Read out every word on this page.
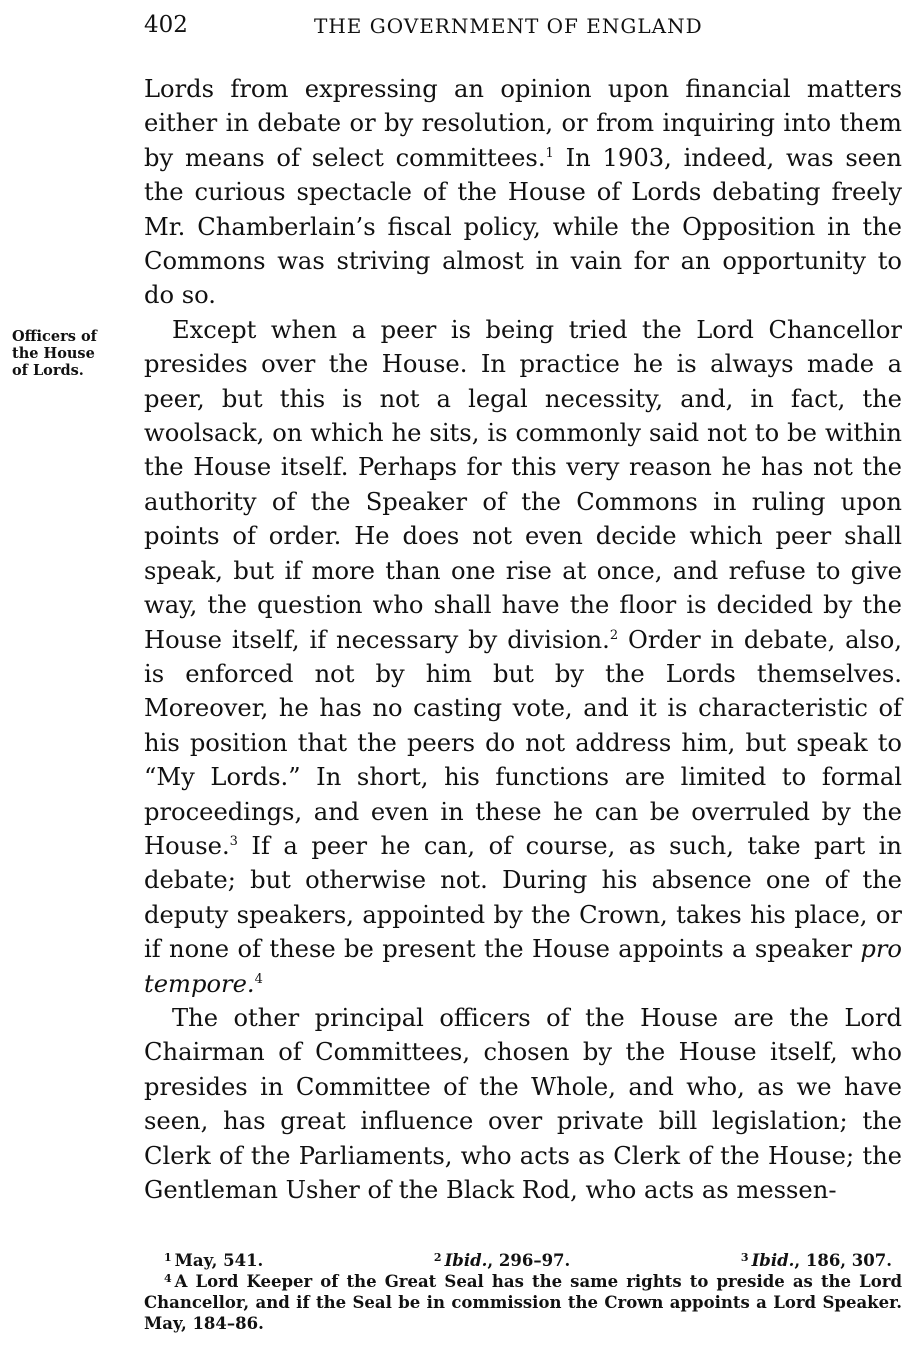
402	THE GOVERNMENT OF ENGLAND
Officers of
the House
of Lords.

Lords from expressing an opinion upon financial matters either in debate or by resolution, or from inquiring into them by means of select committees.$^1$ In 1903, indeed, was seen the curious spectacle of the House of Lords debating freely Mr. Chamberlain’s fiscal policy, while the Opposition in the Commons was striving almost in vain for an opportunity to do so.

Except when a peer is being tried the Lord Chancellor presides over the House. In practice he is always made a peer, but this is not a legal necessity, and, in fact, the woolsack, on which he sits, is commonly said not to be within the House itself. Perhaps for this very reason he has not the authority of the Speaker of the Commons in ruling upon points of order. He does not even decide which peer shall speak, but if more than one rise at once, and refuse to give way, the question who shall have the floor is decided by the House itself, if necessary by division.$^2$ Order in debate, also, is enforced not by him but by the Lords themselves. Moreover, he has no casting vote, and it is characteristic of his position that the peers do not address him, but speak to “My Lords.” In short, his functions are limited to formal proceedings, and even in these he can be overruled by the House.$^3$ If a peer he can, of course, as such, take part in debate; but otherwise not. During his absence one of the deputy speakers, appointed by the Crown, takes his place, or if none of these be present the House appoints a speaker pro tempore.$^4$

The other principal officers of the House are the Lord Chairman of Committees, chosen by the House itself, who presides in Committee of the Whole, and who, as we have seen, has great influence over private bill legislation; the Clerk of the Parliaments, who acts as Clerk of the House; the Gentleman Usher of the Black Rod, who acts as messen-

1 May, 541.	2 Ibid., 296–97.	3 Ibid., 186, 307.
$^4$ A Lord Keeper of the Great Seal has the same rights to preside as the Lord Chancellor, and if the Seal be in commission the Crown appoints a Lord Speaker. May, 184–86.
